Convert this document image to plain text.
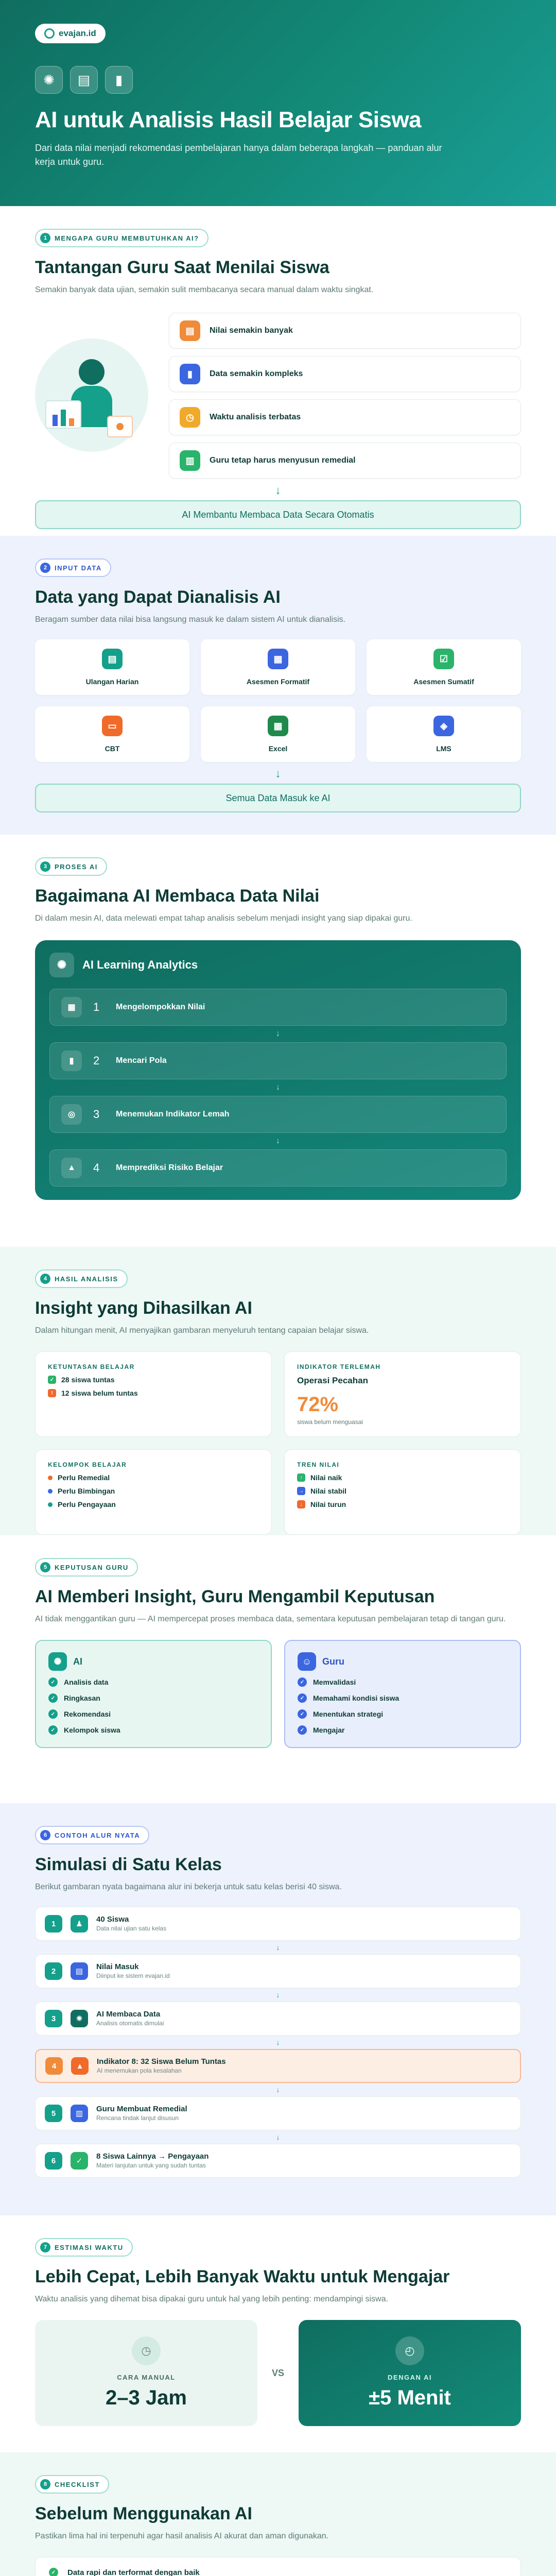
evajan.id
✺	▤	▮
AI untuk Analisis Hasil Belajar Siswa

Dari data nilai menjadi rekomendasi pembelajaran hanya dalam beberapa langkah — panduan alur kerja untuk guru.

1	MENGAPA GURU MEMBUTUHKAN AI?
Tantangan Guru Saat Menilai Siswa
Semakin banyak data ujian, semakin sulit membacanya secara manual dalam waktu singkat.
▤	Nilai semakin banyak
▮	Data semakin kompleks
◷	Waktu analisis terbatas
▥	Guru tetap harus menyusun remedial
↓
AI Membantu Membaca Data Secara Otomatis
2	INPUT DATA
Data yang Dapat Dianalisis AI
Beragam sumber data nilai bisa langsung masuk ke dalam sistem AI untuk dianalisis.
▤
Ulangan Harian
▦
Asesmen Formatif
☑
Asesmen Sumatif
▭
CBT
▦
Excel
◈
LMS
↓
Semua Data Masuk ke AI
3	PROSES AI
Bagaimana AI Membaca Data Nilai
Di dalam mesin AI, data melewati empat tahap analisis sebelum menjadi insight yang siap dipakai guru.
✺	AI Learning Analytics
▦	1	Mengelompokkan Nilai
↓
▮	2	Mencari Pola
↓
◎	3	Menemukan Indikator Lemah
↓
▲	4	Memprediksi Risiko Belajar
4	HASIL ANALISIS
Insight yang Dihasilkan AI
Dalam hitungan menit, AI menyajikan gambaran menyeluruh tentang capaian belajar siswa.
KETUNTASAN BELAJAR
✓ 28 siswa tuntas
!	12 siswa belum tuntas
INDIKATOR TERLEMAH
Operasi Pecahan
72%
siswa belum menguasai
KELOMPOK BELAJAR
Perlu Remedial
Perlu Bimbingan
Perlu Pengayaan
TREN NILAI
↑	Nilai naik
→ Nilai stabil
↓	Nilai turun
5	KEPUTUSAN GURU
AI Memberi Insight, Guru Mengambil Keputusan
AI tidak menggantikan guru — AI mempercepat proses membaca data, sementara keputusan pembelajaran tetap di tangan guru.
✺	AI
✓	Analisis data
✓	Ringkasan
✓	Rekomendasi
✓	Kelompok siswa
☺	Guru
✓	Memvalidasi
✓	Memahami kondisi siswa
✓	Menentukan strategi
✓	Mengajar
6	CONTOH ALUR NYATA
Simulasi di Satu Kelas
Berikut gambaran nyata bagaimana alur ini bekerja untuk satu kelas berisi 40 siswa.
1	♟
40 Siswa
Data nilai ujian satu kelas
↓
2	▤
Nilai Masuk
Diinput ke sistem evajan.id
↓
3	✺
AI Membaca Data
Analisis otomatis dimulai
↓
4	▲
Indikator 8: 32 Siswa Belum Tuntas
AI menemukan pola kesalahan
↓
5	▥
Guru Membuat Remedial
Rencana tindak lanjut disusun
↓
6	✓
8 Siswa Lainnya → Pengayaan
Materi lanjutan untuk yang sudah tuntas
7	ESTIMASI WAKTU
Lebih Cepat, Lebih Banyak Waktu untuk Mengajar
Waktu analisis yang dihemat bisa dipakai guru untuk hal yang lebih penting: mendampingi siswa.
◷
CARA MANUAL
2–3 Jam
VS
◴
DENGAN AI
±5 Menit
8	CHECKLIST
Sebelum Menggunakan AI
Pastikan lima hal ini terpenuhi agar hasil analisis AI akurat dan aman digunakan.
✓	Data rapi dan terformat dengan baik
